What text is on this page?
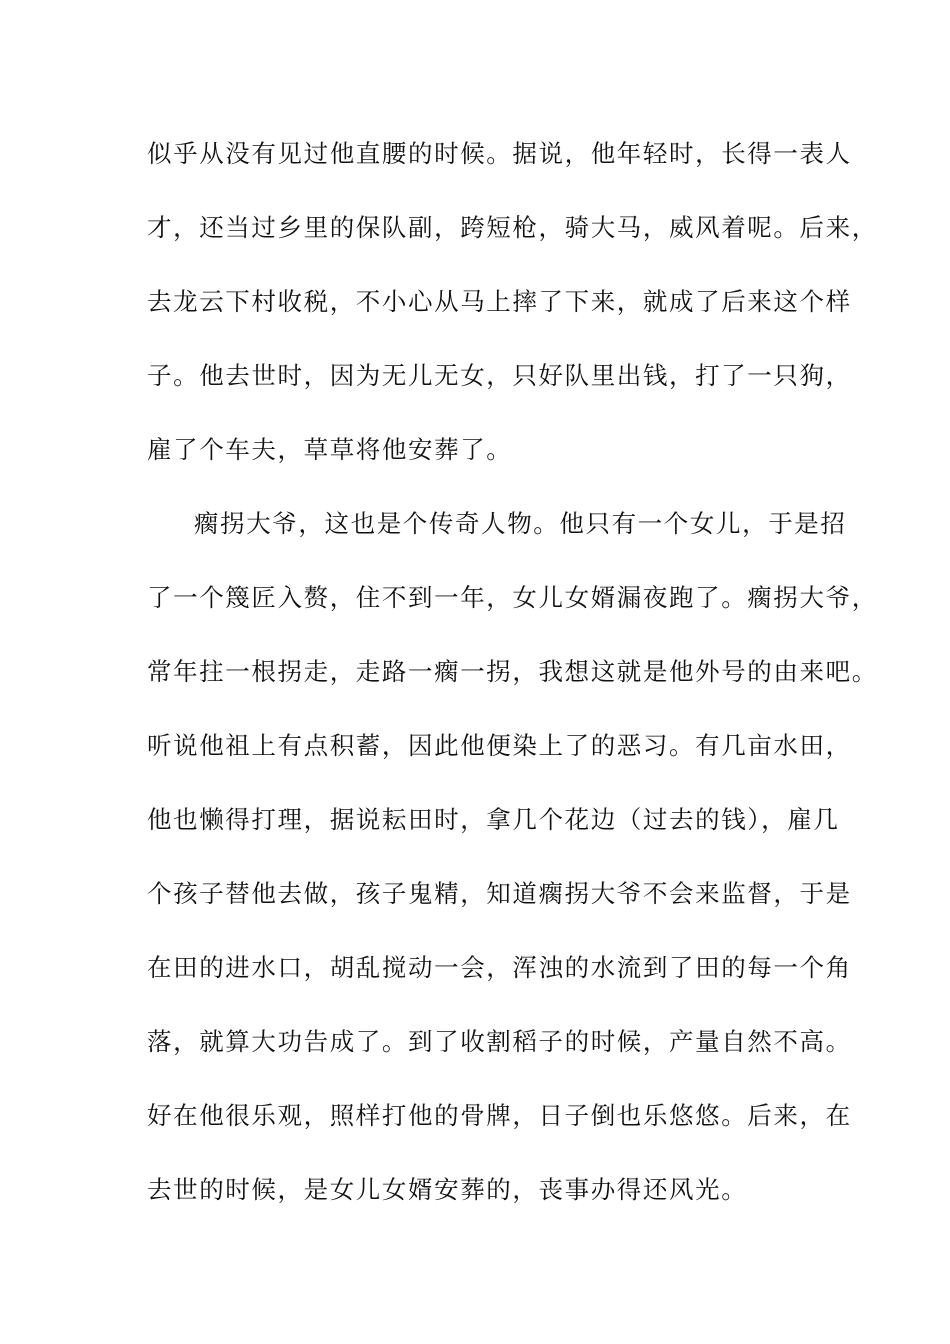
似乎从没有见过他直腰的时候。据说，他年轻时，长得一表人

才，还当过乡里的保队副，跨短枪，骑大马，威风着呢。后来，

去龙云下村收税，不小心从马上摔了下来，就成了后来这个样

子。他去世时，因为无儿无女，只好队里出钱，打了一只狗，

雇了个车夫，草草将他安葬了。

瘸拐大爷，这也是个传奇人物。他只有一个女儿，于是招

了一个篾匠入赘，住不到一年，女儿女婿漏夜跑了。瘸拐大爷，

常年拄一根拐走，走路一瘸一拐，我想这就是他外号的由来吧。

听说他祖上有点积蓄，因此他便染上了的恶习。有几亩水田，

他也懒得打理，据说耘田时，拿几个花边（过去的钱），雇几

个孩子替他去做，孩子鬼精，知道瘸拐大爷不会来监督，于是

在田的进水口，胡乱搅动一会，浑浊的水流到了田的每一个角

落，就算大功告成了。到了收割稻子的时候，产量自然不高。

好在他很乐观，照样打他的骨牌，日子倒也乐悠悠。后来，在

去世的时候，是女儿女婿安葬的，丧事办得还风光。
